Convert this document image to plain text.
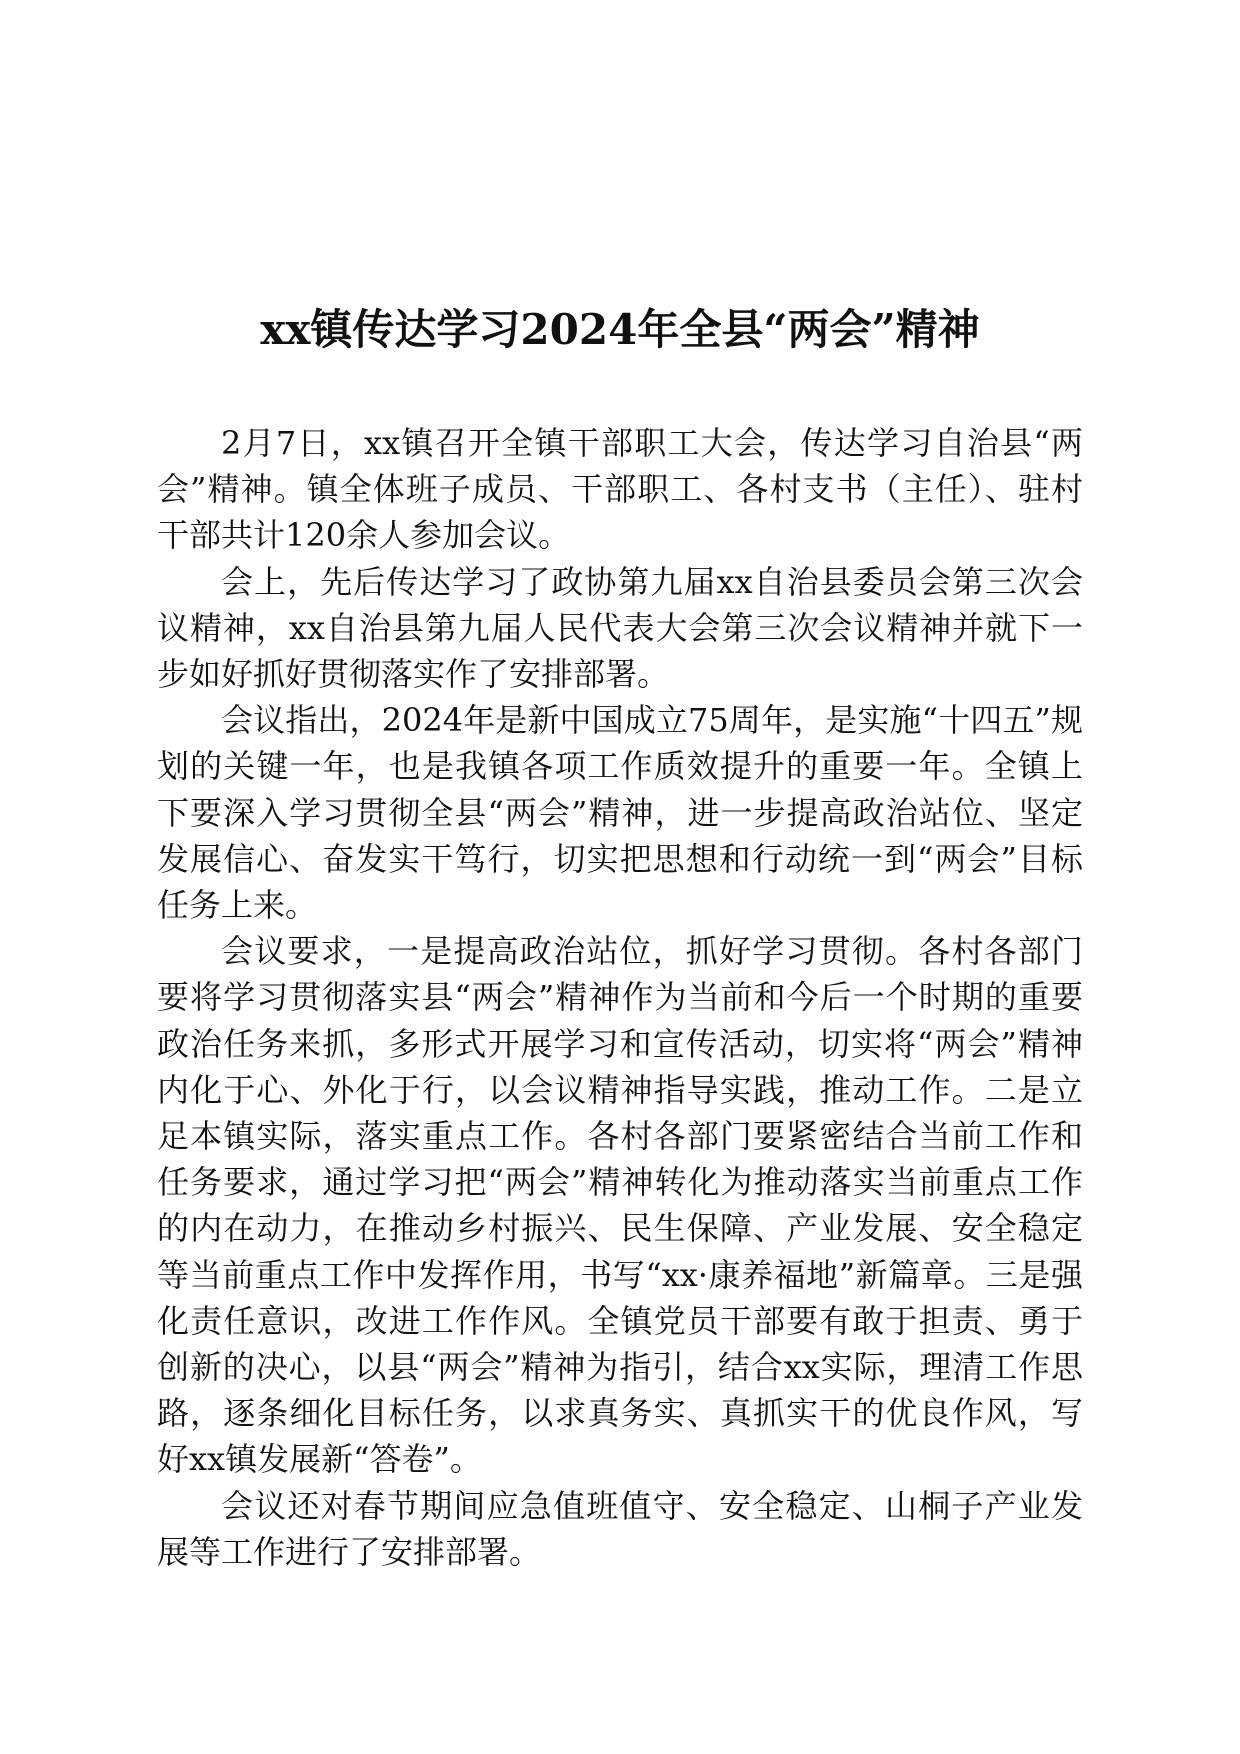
xx镇传达学习2024年全县“两会”精神

2月7日，xx镇召开全镇干部职工大会，传达学习自治县“两会”精神。镇全体班子成员、干部职工、各村支书（主任）、驻村干部共计120余人参加会议。

会上，先后传达学习了政协第九届xx自治县委员会第三次会议精神，xx自治县第九届人民代表大会第三次会议精神并就下一步如好抓好贯彻落实作了安排部署。

会议指出，2024年是新中国成立75周年，是实施“十四五”规划的关键一年，也是我镇各项工作质效提升的重要一年。全镇上下要深入学习贯彻全县“两会”精神，进一步提高政治站位、坚定发展信心、奋发实干笃行，切实把思想和行动统一到“两会”目标任务上来。

会议要求，一是提高政治站位，抓好学习贯彻。各村各部门要将学习贯彻落实县“两会”精神作为当前和今后一个时期的重要政治任务来抓，多形式开展学习和宣传活动，切实将“两会”精神内化于心、外化于行，以会议精神指导实践，推动工作。二是立足本镇实际，落实重点工作。各村各部门要紧密结合当前工作和任务要求，通过学习把“两会”精神转化为推动落实当前重点工作的内在动力，在推动乡村振兴、民生保障、产业发展、安全稳定等当前重点工作中发挥作用，书写“xx·康养福地”新篇章。三是强化责任意识，改进工作作风。全镇党员干部要有敢于担责、勇于创新的决心，以县“两会”精神为指引，结合xx实际，理清工作思路，逐条细化目标任务，以求真务实、真抓实干的优良作风，写好xx镇发展新“答卷”。

会议还对春节期间应急值班值守、安全稳定、山桐子产业发展等工作进行了安排部署。
